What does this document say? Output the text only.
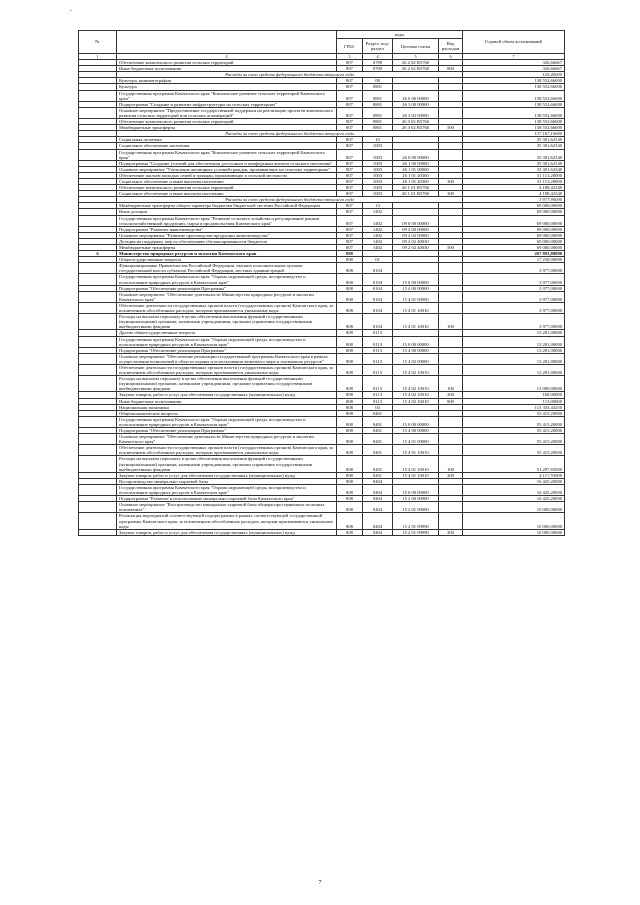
-
№		коды				Годовой объем ассигнований
		ГРБС	Раздел, под-раздел	Целевая статья	Вид расходов	
1	2	3	4	5	6	7
	Обеспечение комплексного развития сельских территорий	807	0709	26 2 02 R5760		326,66667
	Иные бюджетные ассигнования	807	0709	26 2 02 R5760	800	326,66667
	Расходы за счет средств федерального бюджета текущего года					125,40000
	Культура, кинематография	807	08			138 552,66000
	Культура	807	0801			138 552,66000
	Государственная программа Камчатского края "Комплексное развитие сельских территорий Камчатского края"	807	0801	26 0 00 00000		138 552,66000
	Подпрограмма "Создание и развитие инфраструктуры на сельских территориях"	807	0801	26 3 00 00000		138 552,66000
	Основное мероприятие "Предоставление государственной поддержки на реализацию проектов комплексного развития сельских территорий или сельских агломераций"	807	0801	26 3 02 00000		138 552,66000
	Обеспечение комплексного развития сельских территорий	807	0801	26 3 02 R5760		138 552,66000
	Межбюджетные трансферты	807	0801	26 3 02 R5760	500	138 552,66000
	Расходы за счет средств федерального бюджета текущего года					137 167,10000
	Социальная политика	807	10			35 301,62340
	Социальное обеспечение населения	807	1003			35 301,62340
	Государственная программа Камчатского края "Комплексное развитие сельских территорий Камчатского края"	807	1003	26 0 00 00000		35 301,62340
	Подпрограмма "Создание условий для обеспечения доступным и комфортным жильем сельского населения"	807	1003	26 1 00 00000		35 301,62340
	Основное мероприятие "Улучшение жилищных условий граждан, проживающих на сельских территориях"	807	1003	26 1 01 00000		35 301,62340
	Обеспечение жильем молодых семей и граждан, проживающих в сельской местности	807	1003	26 1 01 20360		31 113,20000
	Социальное обеспечение и иные выплаты населению	807	1003	26 1 01 20360	300	31 113,20000
	Обеспечение комплексного развития сельских территорий	807	1003	26 1 01 R5760		4 188,42340
	Социальное обеспечение и иные выплаты населению	807	1003	26 1 01 R5760	300	4 188,42340
	Расходы за счет средств федерального бюджета текущего года					3 977,90000
	Межбюджетные трансферты общего характера бюджетам бюджетной системы Российской Федерации	807	14			69 000,00000
	Иные дотации	807	1402			69 000,00000
	Государственная программа Камчатского края "Развитие сельского хозяйства и регулирование рынков сельскохозяйственной продукции, сырья и продовольствия Камчатского края"	807	1402	09 0 00 00000		69 000,00000
	Подпрограмма "Развитие животноводства"	807	1402	09 2 00 00000		69 000,00000
	Основное мероприятие "Развитие производства продукции животноводства"	807	1402	09 2 02 00000		69 000,00000
	Дотация на поддержку мер по обеспечению сбалансированности бюджетов	807	1402	09 2 02 40030		69 000,00000
	Межбюджетные трансферты	807	1402	09 2 02 40030	500	69 000,00000
6	Министерство природных ресурсов и экологии Камчатского края	808				267 893,88800
	Общегосударственные вопросы	808	01			17 258,00000
	Функционирование Правительства Российской Федерации, высших исполнительных органов государственной власти субъектов Российской Федерации, местных администраций	808	0104			3 977,00000
	Государственная программа Камчатского края "Охрана окружающей среды, воспроизводство и использование природных ресурсов в Камчатском крае"	808	0104	15 0 00 00000		3 977,00000
	Подпрограмма "Обеспечение реализации Программы"	808	0104	15 4 00 00000		3 977,00000
	Основное мероприятие "Обеспечение деятельности Министерства природных ресурсов и экологии Камчатского края"	808	0104	15 4 01 00000		3 977,00000
	Обеспечение деятельности государственных органов власти (государственных органов) Камчатского края, за исключением обособленных расходов, которым присваиваются уникальные коды	808	0104	15 4 01 10010		3 977,00000
	Расходы на выплаты персоналу в целях обеспечения выполнения функций государственными (муниципальными) органами, казенными учреждениями, органами управления государственными внебюджетными фондами	808	0104	15 4 01 10010	100	3 977,00000
	Другие общегосударственные вопросы	808	0113			13 281,00000
	Государственная программа Камчатского края "Охрана окружающей среды, воспроизводство и использование природных ресурсов в Камчатском крае"	808	0113	15 0 00 00000		13 281,00000
	Подпрограмма "Обеспечение реализации Программы"	808	0113	15 4 00 00000		13 281,00000
	Основное мероприятие "Обеспечение реализации государственной программы Камчатского края в рамках осуществления полномочий в области охраны и использования животного мира и охотничьих ресурсов"	808	0113	15 4 02 00000		13 281,00000
	Обеспечение деятельности государственных органов власти (государственных органов) Камчатского края, за исключением обособленных расходов, которым присваиваются уникальные коды	808	0113	15 4 02 10010		13 281,00000
	Расходы на выплаты персоналу в целях обеспечения выполнения функций государственными (муниципальными) органами, казенными учреждениями, органами управления государственными внебюджетными фондами	808	0113	15 4 02 10010	100	13 000,00000
	Закупка товаров, работ и услуг для обеспечения государственных (муниципальных) нужд	808	0113	15 4 02 10010	200	168,00000
	Иные бюджетные ассигнования	808	0113	15 4 02 10010	800	113,00000
	Национальная экономика	808	04			113 335,43250
	Общеэкономические вопросы	808	0401			55 415,20000
	Государственная программа Камчатского края "Охрана окружающей среды, воспроизводство и использование природных ресурсов в Камчатском крае"	808	0401	15 0 00 00000		55 415,20000
	Подпрограмма "Обеспечение реализации Программы"	808	0401	15 4 00 00000		55 415,20000
	Основное мероприятие "Обеспечение деятельности Министерства природных ресурсов и экологии Камчатского края"	808	0401	15 4 01 00000		55 415,20000
	Обеспечение деятельности государственных органов власти (государственных органов) Камчатского края, за исключением обособленных расходов, которым присваиваются уникальные коды	808	0401	15 4 01 10010		55 415,20000
	Расходы на выплаты персоналу в целях обеспечения выполнения функций государственными (муниципальными) органами, казенными учреждениями, органами управления государственными внебюджетными фондами	808	0401	15 4 01 10010	100	51 297,65000
	Закупка товаров, работ и услуг для обеспечения государственных (муниципальных) нужд	808	0401	15 4 01 10010	200	4 117,55000
	Воспроизводство минерально-сырьевой базы	808	0404			16 425,20000
	Государственная программа Камчатского края "Охрана окружающей среды, воспроизводство и использование природных ресурсов в Камчатском крае"	808	0404	15 0 00 00000		16 425,20000
	Подпрограмма "Развитие и использование минерально-сырьевой базы Камчатского края"	808	0404	15 2 00 00000		16 425,20000
	Основное мероприятие "Воспроизводство минерально-сырьевой базы общераспространенных полезных ископаемых"	808	0404	15 2 01 00000		10 000,00000
	Реализация мероприятий соответствующей подпрограммы в рамках соответствующей государственной программы Камчатского края, за исключением обособленных расходов, которым присваиваются уникальные коды	808	0404	15 2 01 09990		10 000,00000
	Закупка товаров, работ и услуг для обеспечения государственных (муниципальных) нужд	808	0404	15 2 01 09990	200	10 000,00000
7
